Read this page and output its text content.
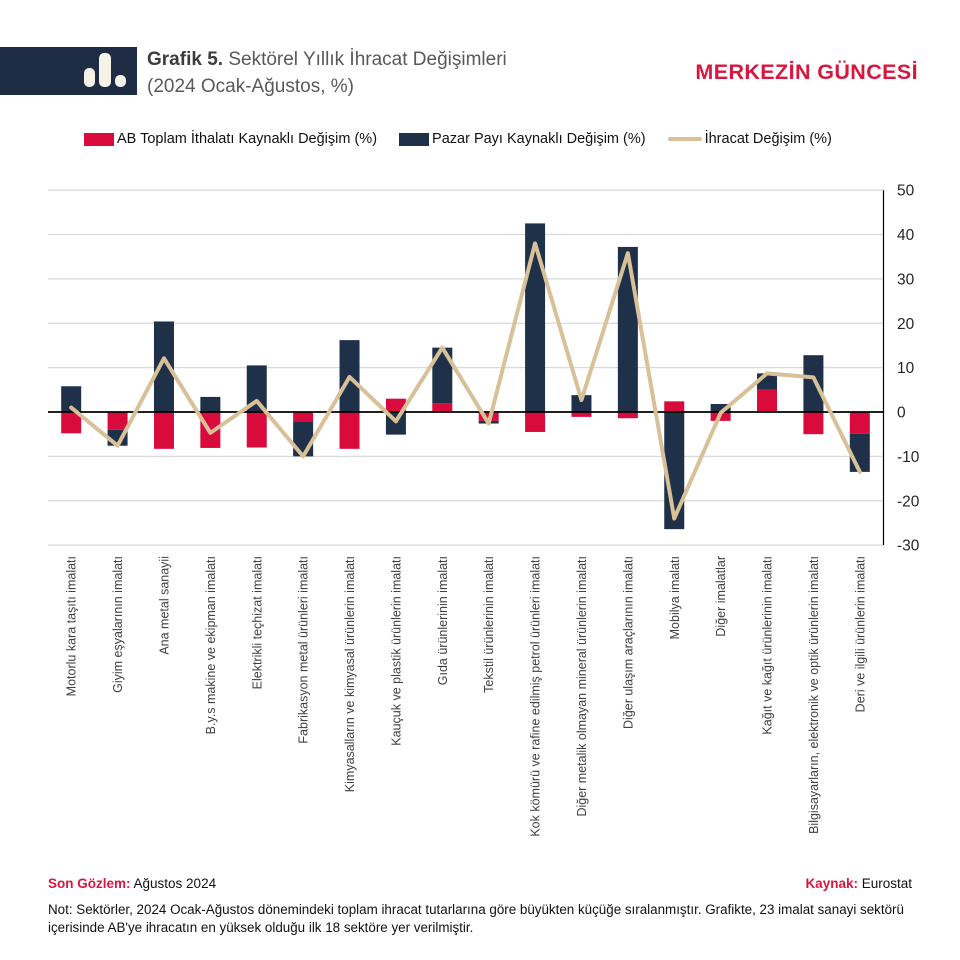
Grafik 5. Sektörel Yıllık İhracat Değişimleri
(2024 Ocak-Ağustos, %)
MERKEZİN GÜNCESİ
AB Toplam İthalatı Kaynaklı Değişim (%)	Pazar Payı Kaynaklı Değişim (%)	İhracat Değişim (%)
50
40
30
20
10
0
-10
-20
-30
Motorlu kara taşıtı imalatı	Giyim eşyalarının imalatı	Ana metal sanayii	B.y.s makine ve ekipman imalatı	Elektrikli teçhizat imalatı	Fabrikasyon metal ürünleri imalatı	Kimyasalların ve kimyasal ürünlerin imalatı	Kauçuk ve plastik ürünlerin imalatı	Gıda ürünlerinin imalatı	Tekstil ürünlerinin imalatı	Kok kömürü ve rafine edilmiş petrol ürünleri imalatı	Diğer metalik olmayan mineral ürünlerin imalatı	Diğer ulaşım araçlarının imalatı	Mobilya imalatı	Diğer imalatlar	Kağıt ve kağıt ürünlerinin imalatı	Bilgisayarların, elektronik ve optik ürünlerin imalatı	Deri ve ilgili ürünlerin imalatı
Son Gözlem: Ağustos 2024	Kaynak: Eurostat
Not: Sektörler, 2024 Ocak-Ağustos dönemindeki toplam ihracat tutarlarına göre büyükten küçüğe sıralanmıştır. Grafikte, 23 imalat sanayi sektörü içerisinde AB'ye ihracatın en yüksek olduğu ilk 18 sektöre yer verilmiştir.
